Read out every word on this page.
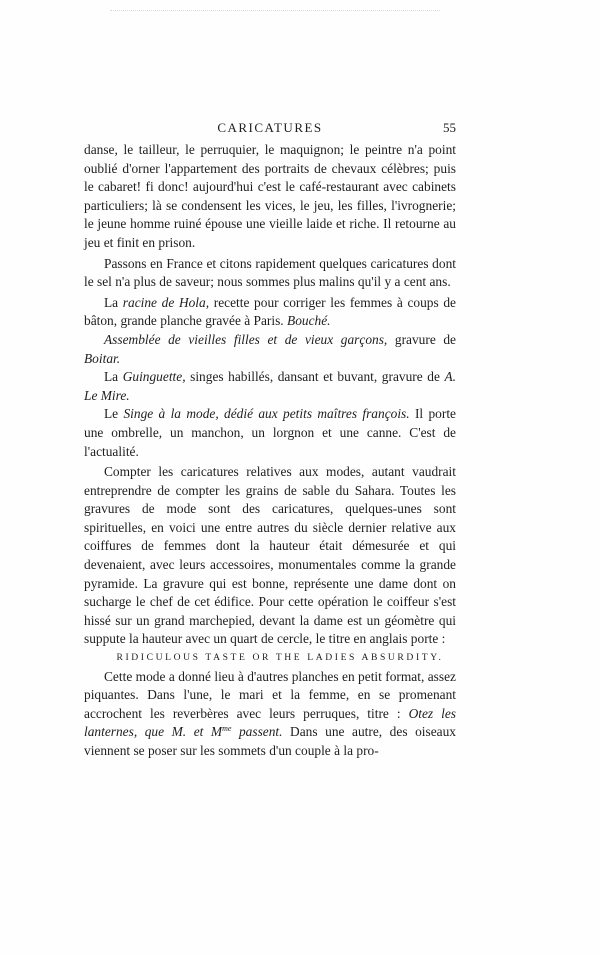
CARICATURES	55

danse, le tailleur, le perruquier, le maquignon; le peintre n'a point oublié d'orner l'appartement des portraits de chevaux célèbres; puis le cabaret! fi donc! aujourd'hui c'est le café-restaurant avec cabinets particuliers; là se condensent les vices, le jeu, les filles, l'ivrognerie; le jeune homme ruiné épouse une vieille laide et riche. Il retourne au jeu et finit en prison.

Passons en France et citons rapidement quelques caricatures dont le sel n'a plus de saveur; nous sommes plus malins qu'il y a cent ans.

La racine de Hola, recette pour corriger les femmes à coups de bâton, grande planche gravée à Paris. Bouché.

Assemblée de vieilles filles et de vieux garçons, gravure de Boitar.

La Guinguette, singes habillés, dansant et buvant, gravure de A. Le Mire.

Le Singe à la mode, dédié aux petits maîtres françois. Il porte une ombrelle, un manchon, un lorgnon et une canne. C'est de l'actualité.

Compter les caricatures relatives aux modes, autant vaudrait entreprendre de compter les grains de sable du Sahara. Toutes les gravures de mode sont des caricatures, quelques-unes sont spirituelles, en voici une entre autres du siècle dernier relative aux coiffures de femmes dont la hauteur était démesurée et qui devenaient, avec leurs accessoires, monumentales comme la grande pyramide. La gravure qui est bonne, représente une dame dont on sucharge le chef de cet édifice. Pour cette opération le coiffeur s'est hissé sur un grand marchepied, devant la dame est un géomètre qui suppute la hauteur avec un quart de cercle, le titre en anglais porte :

RIDICULOUS TASTE OR THE LADIES ABSURDITY.

Cette mode a donné lieu à d'autres planches en petit format, assez piquantes. Dans l'une, le mari et la femme, en se promenant accrochent les reverbères avec leurs perruques, titre : Otez les lanternes, que M. et $M^{me}$ passent. Dans une autre, des oiseaux viennent se poser sur les sommets d'un couple à la pro-
